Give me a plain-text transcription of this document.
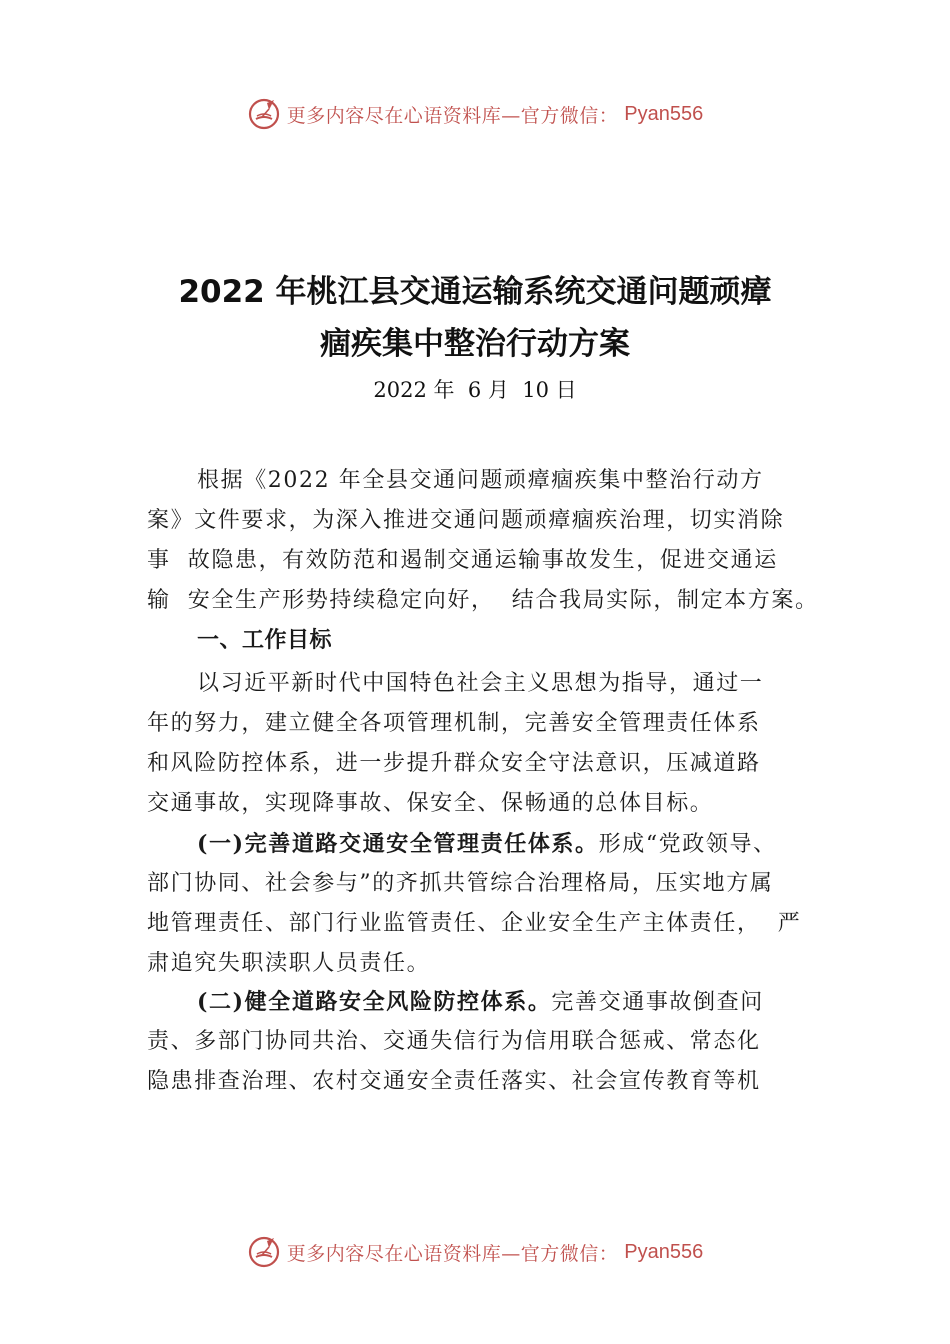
更多内容尽在心语资料库—官方微信： Pyan556
2022 年桃江县交通运输系统交通问题顽瘴
痼疾集中整治行动方案
2022 年  6 月  10 日
根据《2022 年全县交通问题顽瘴痼疾集中整治行动方
案》文件要求，为深入推进交通问题顽瘴痼疾治理，切实消除
事  故隐患，有效防范和遏制交通运输事故发生，促进交通运
输  安全生产形势持续稳定向好，  结合我局实际，制定本方案。
一、工作目标
以习近平新时代中国特色社会主义思想为指导，通过一
年的努力，建立健全各项管理机制，完善安全管理责任体系
和风险防控体系，进一步提升群众安全守法意识，压减道路
交通事故，实现降事故、保安全、保畅通的总体目标。
(一)完善道路交通安全管理责任体系。形成“党政领导、
部门协同、社会参与”的齐抓共管综合治理格局，压实地方属
地管理责任、部门行业监管责任、企业安全生产主体责任，  严
肃追究失职渎职人员责任。
(二)健全道路安全风险防控体系。完善交通事故倒查问
责、多部门协同共治、交通失信行为信用联合惩戒、常态化
隐患排查治理、农村交通安全责任落实、社会宣传教育等机
更多内容尽在心语资料库—官方微信： Pyan556
